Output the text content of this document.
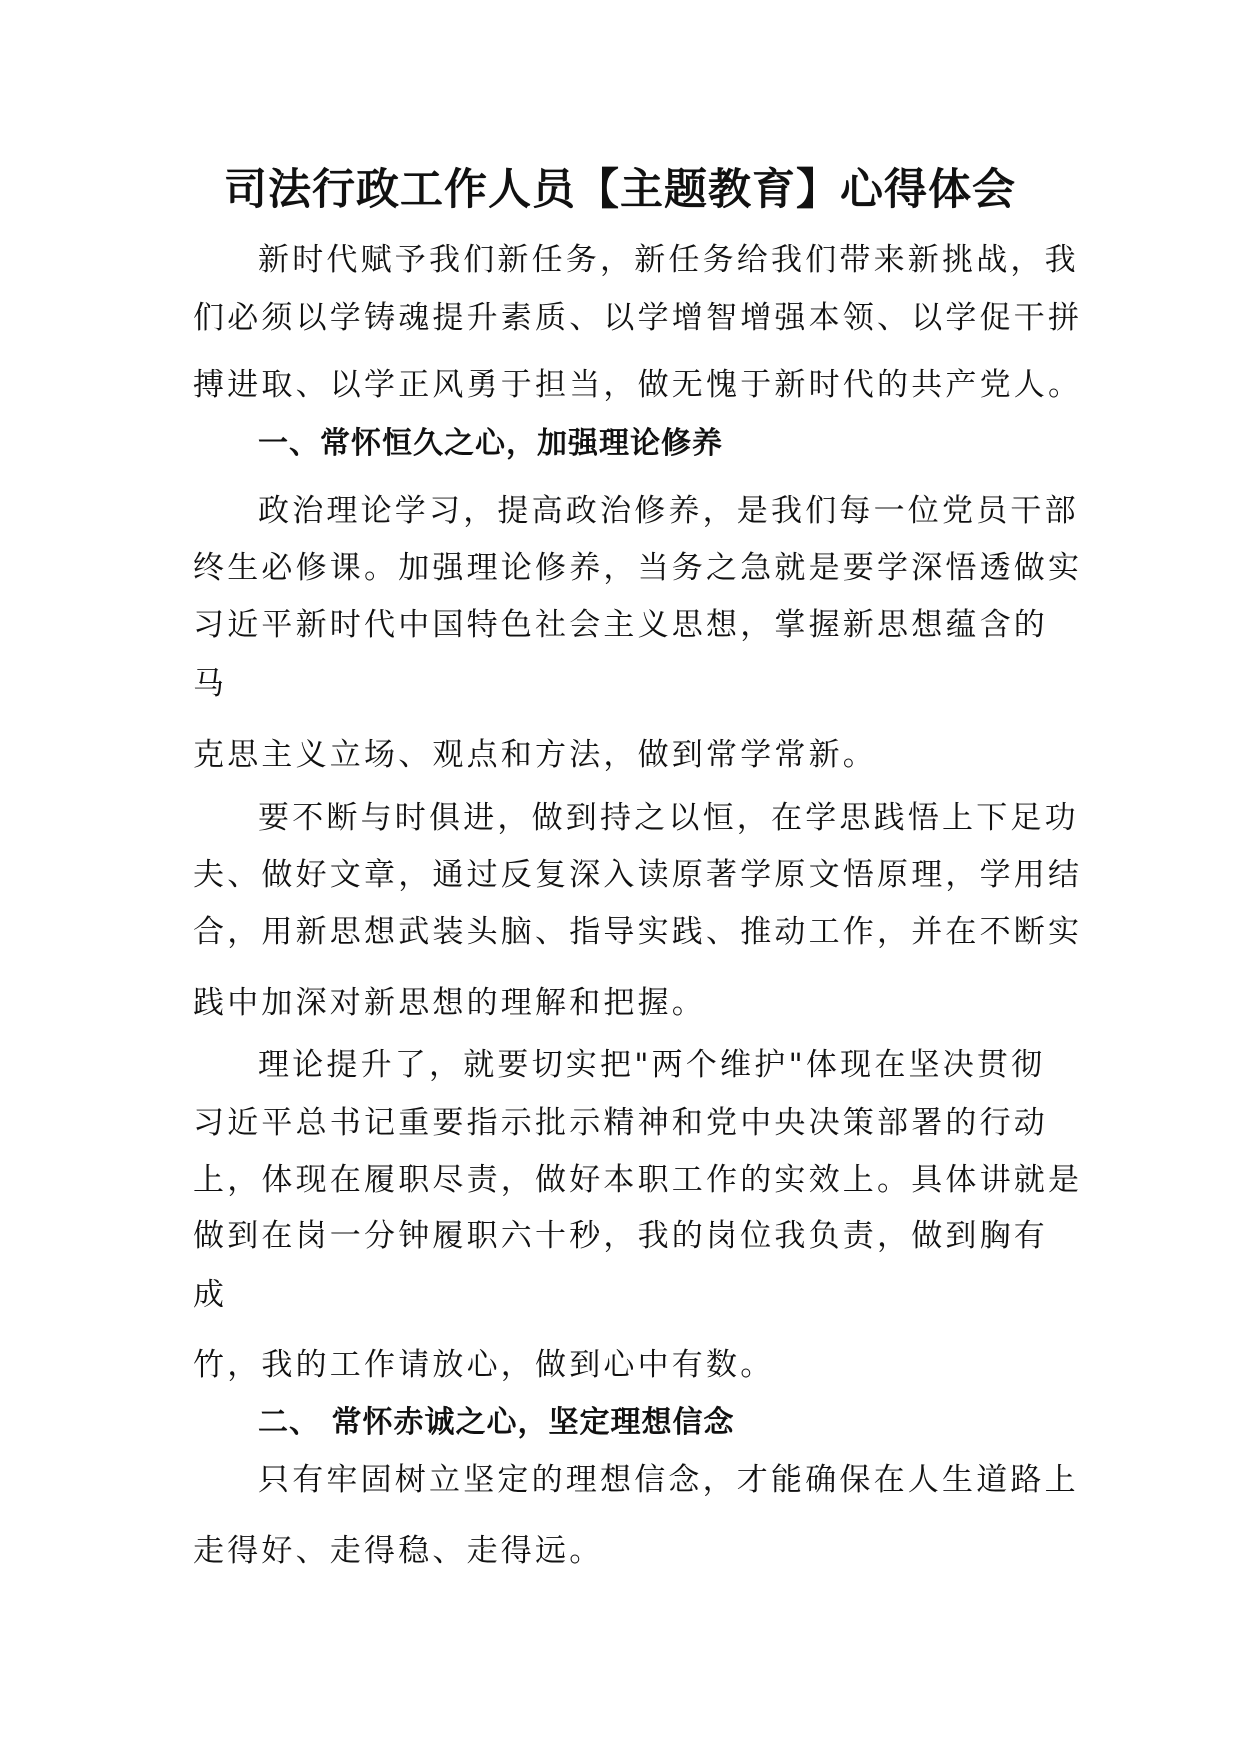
司法行政工作人员【主题教育】心得体会
新时代赋予我们新任务，新任务给我们带来新挑战，我
们必须以学铸魂提升素质、以学增智增强本领、以学促干拼
搏进取、以学正风勇于担当，做无愧于新时代的共产党人。
一、常怀恒久之心，加强理论修养
政治理论学习，提高政治修养，是我们每一位党员干部
终生必修课。加强理论修养，当务之急就是要学深悟透做实
习近平新时代中国特色社会主义思想，掌握新思想蕴含的
马
克思主义立场、观点和方法，做到常学常新。
要不断与时俱进，做到持之以恒，在学思践悟上下足功
夫、做好文章，通过反复深入读原著学原文悟原理，学用结
合，用新思想武装头脑、指导实践、推动工作，并在不断实
践中加深对新思想的理解和把握。
理论提升了，就要切实把"两个维护"体现在坚决贯彻
习近平总书记重要指示批示精神和党中央决策部署的行动
上，体现在履职尽责，做好本职工作的实效上。具体讲就是
做到在岗一分钟履职六十秒，我的岗位我负责，做到胸有
成
竹，我的工作请放心，做到心中有数。
二、 常怀赤诚之心，坚定理想信念
只有牢固树立坚定的理想信念，才能确保在人生道路上
走得好、走得稳、走得远。
